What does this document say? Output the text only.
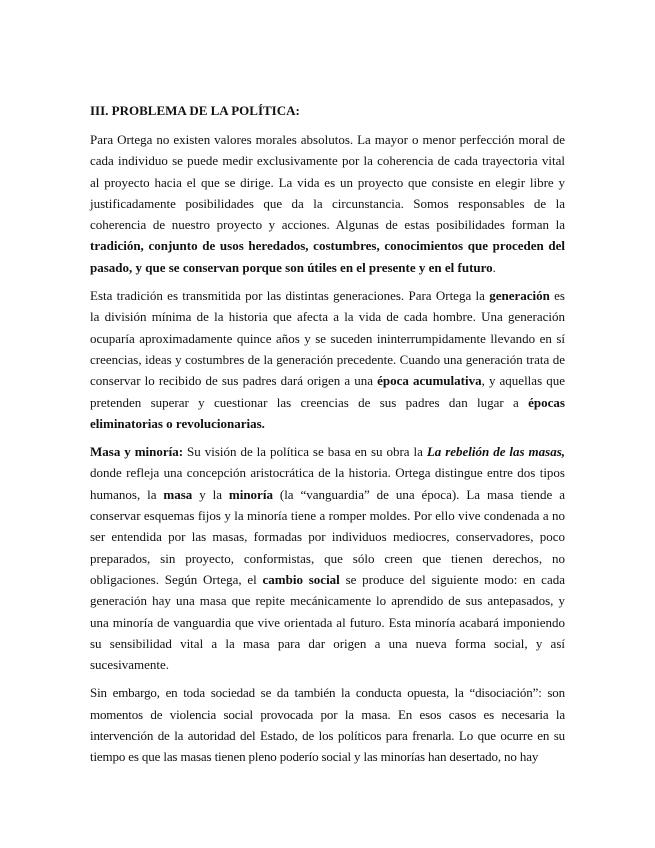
III. PROBLEMA DE LA POLÍTICA:

Para Ortega no existen valores morales absolutos. La mayor o menor perfección moral de cada individuo se puede medir exclusivamente por la coherencia de cada trayectoria vital al proyecto hacia el que se dirige. La vida es un proyecto que consiste en elegir libre y justificadamente posibilidades que da la circunstancia. Somos responsables de la coherencia de nuestro proyecto y acciones. Algunas de estas posibilidades forman la tradición, conjunto de usos heredados, costumbres, conocimientos que proceden del pasado, y que se conservan porque son útiles en el presente y en el futuro.

Esta tradición es transmitida por las distintas generaciones. Para Ortega la generación es la división mínima de la historia que afecta a la vida de cada hombre. Una generación ocuparía aproximadamente quince años y se suceden ininterrumpidamente llevando en sí creencias, ideas y costumbres de la generación precedente. Cuando una generación trata de conservar lo recibido de sus padres dará origen a una época acumulativa, y aquellas que pretenden superar y cuestionar las creencias de sus padres dan lugar a épocas eliminatorias o revolucionarias.

Masa y minoría: Su visión de la política se basa en su obra la La rebelión de las masas, donde refleja una concepción aristocrática de la historia. Ortega distingue entre dos tipos humanos, la masa y la minoría (la “vanguardia” de una época). La masa tiende a conservar esquemas fijos y la minoría tiene a romper moldes. Por ello vive condenada a no ser entendida por las masas, formadas por individuos mediocres, conservadores, poco preparados, sin proyecto, conformistas, que sólo creen que tienen derechos, no obligaciones. Según Ortega, el cambio social se produce del siguiente modo: en cada generación hay una masa que repite mecánicamente lo aprendido de sus antepasados, y una minoría de vanguardia que vive orientada al futuro. Esta minoría acabará imponiendo su sensibilidad vital a la masa para dar origen a una nueva forma social, y así sucesivamente.

Sin embargo, en toda sociedad se da también la conducta opuesta, la “disociación”: son momentos de violencia social provocada por la masa. En esos casos es necesaria la intervención de la autoridad del Estado, de los políticos para frenarla. Lo que ocurre en su tiempo es que las masas tienen pleno poderío social y las minorías han desertado, no hay
